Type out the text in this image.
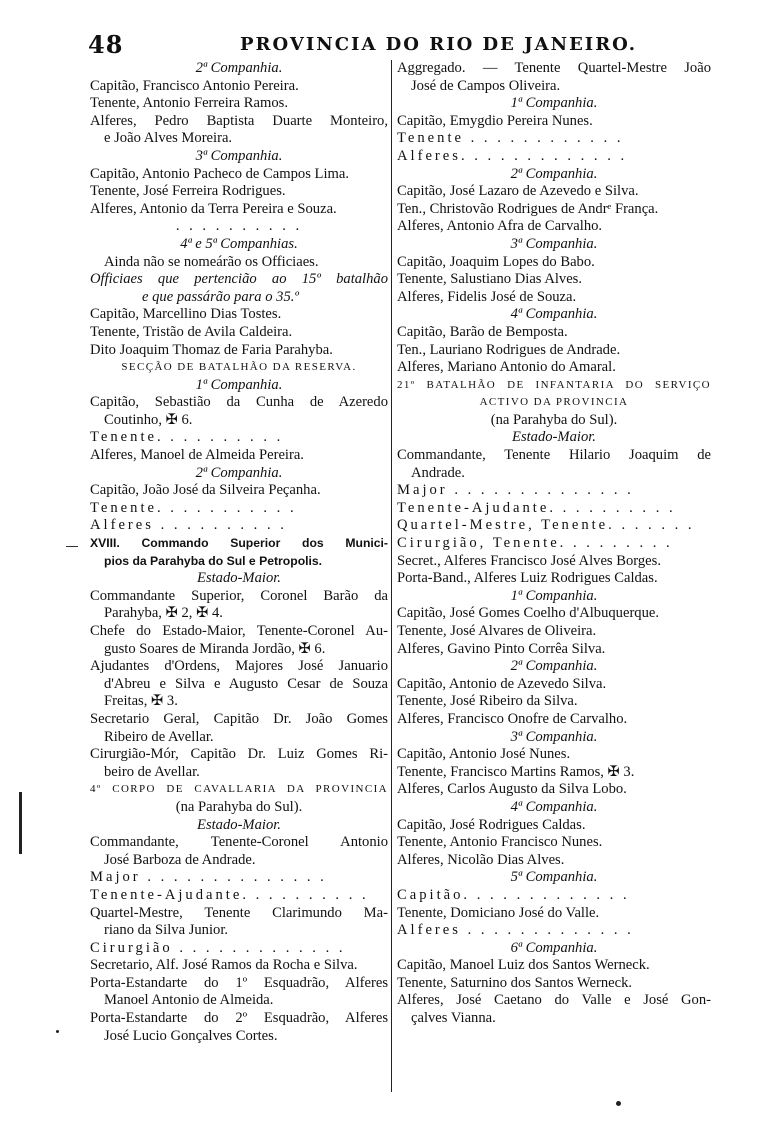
48	PROVINCIA DO RIO DE JANEIRO.
2ª Companhia.
Capitão, Francisco Antonio Pereira.
Tenente, Antonio Ferreira Ramos.
Alferes, Pedro Baptista Duarte Monteiro,
e João Alves Moreira.
3ª Companhia.
Capitão, Antonio Pacheco de Campos Lima.
Tenente, José Ferreira Rodrigues.
Alferes, Antonio da Terra Pereira e Souza.
. . . . . . . . . .
4ª e 5ª Companhias.
Ainda não se nomeárão os Officiaes.
Officiaes que pertencião ao 15º batalhão
e que passárão para o 35.º
Capitão, Marcellino Dias Tostes.
Tenente, Tristão de Avila Caldeira.
Dito Joaquim Thomaz de Faria Parahyba.
SECÇÃO DE BATALHÃO DA RESERVA.
1ª Companhia.
Capitão, Sebastião da Cunha de Azeredo
Coutinho, ✠ 6.
Tenente. . . . . . . . . .
Alferes, Manoel de Almeida Pereira.
2ª Companhia.
Capitão, João José da Silveira Peçanha.
Tenente. . . . . . . . . . .
Alferes . . . . . . . . . .
XVIII. Commando Superior dos Munici-
pios da Parahyba do Sul e Petropolis.
Estado-Maior.
Commandante Superior, Coronel Barão da
Parahyba, ✠ 2, ✠ 4.
Chefe do Estado-Maior, Tenente-Coronel Au-
gusto Soares de Miranda Jordão, ✠ 6.
Ajudantes d'Ordens, Majores José Januario
d'Abreu e Silva e Augusto Cesar de Souza
Freitas, ✠ 3.
Secretario Geral, Capitão Dr. João Gomes
Ribeiro de Avellar.
Cirurgião-Mór, Capitão Dr. Luiz Gomes Ri-
beiro de Avellar.
4º CORPO DE CAVALLARIA DA PROVINCIA
(na Parahyba do Sul).
Estado-Maior.
Commandante, Tenente-Coronel Antonio
José Barboza de Andrade.
Major . . . . . . . . . . . . . .
Tenente-Ajudante. . . . . . . . . .
Quartel-Mestre, Tenente Clarimundo Ma-
riano da Silva Junior.
Cirurgião . . . . . . . . . . . . .
Secretario, Alf. José Ramos da Rocha e Silva.
Porta-Estandarte do 1º Esquadrão, Alferes
Manoel Antonio de Almeida.
Porta-Estandarte do 2º Esquadrão, Alferes
José Lucio Gonçalves Cortes.
Aggregado. — Tenente Quartel-Mestre João
José de Campos Oliveira.
1ª Companhia.
Capitão, Emygdio Pereira Nunes.
Tenente . . . . . . . . . . . .
Alferes. . . . . . . . . . . . .
2ª Companhia.
Capitão, José Lazaro de Azevedo e Silva.
Ten., Christovão Rodrigues de Andrᵉ França.
Alferes, Antonio Afra de Carvalho.
3ª Companhia.
Capitão, Joaquim Lopes do Babo.
Tenente, Salustiano Dias Alves.
Alferes, Fidelis José de Souza.
4ª Companhia.
Capitão, Barão de Bemposta.
Ten., Lauriano Rodrigues de Andrade.
Alferes, Mariano Antonio do Amaral.
21º BATALHÃO DE INFANTARIA DO SERVIÇO
ACTIVO DA PROVINCIA
(na Parahyba do Sul).
Estado-Maior.
Commandante, Tenente Hilario Joaquim de
Andrade.
Major . . . . . . . . . . . . . .
Tenente-Ajudante. . . . . . . . . .
Quartel-Mestre, Tenente. . . . . . .
Cirurgião, Tenente. . . . . . . . .
Secret., Alferes Francisco José Alves Borges.
Porta-Band., Alferes Luiz Rodrigues Caldas.
1ª Companhia.
Capitão, José Gomes Coelho d'Albuquerque.
Tenente, José Alvares de Oliveira.
Alferes, Gavino Pinto Corrêa Silva.
2ª Companhia.
Capitão, Antonio de Azevedo Silva.
Tenente, José Ribeiro da Silva.
Alferes, Francisco Onofre de Carvalho.
3ª Companhia.
Capitão, Antonio José Nunes.
Tenente, Francisco Martins Ramos, ✠ 3.
Alferes, Carlos Augusto da Silva Lobo.
4ª Companhia.
Capitão, José Rodrigues Caldas.
Tenente, Antonio Francisco Nunes.
Alferes, Nicolão Dias Alves.
5ª Companhia.
Capitão. . . . . . . . . . . . .
Tenente, Domiciano José do Valle.
Alferes . . . . . . . . . . . . .
6ª Companhia.
Capitão, Manoel Luiz dos Santos Werneck.
Tenente, Saturnino dos Santos Werneck.
Alferes, José Caetano do Valle e José Gon-
çalves Vianna.
